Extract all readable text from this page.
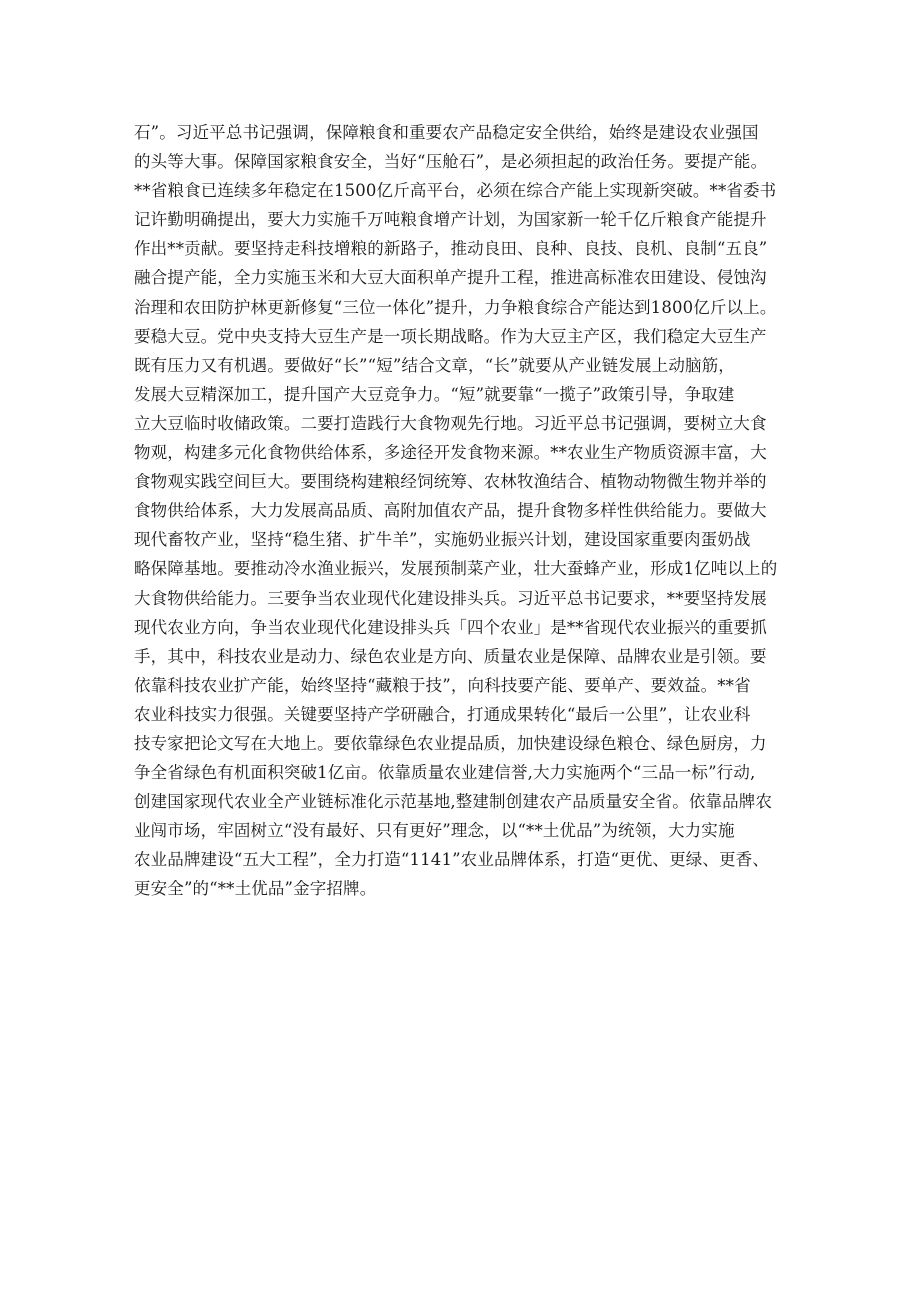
石”。习近平总书记强调，保障粮食和重要农产品稳定安全供给，始终是建设农业强国
的头等大事。保障国家粮食安全，当好“压舱石”，是必须担起的政治任务。要提产能。
**省粮食已连续多年稳定在1500亿斤高平台，必须在综合产能上实现新突破。**省委书
记许勤明确提出，要大力实施千万吨粮食增产计划，为国家新一轮千亿斤粮食产能提升
作出**贡献。要坚持走科技增粮的新路子，推动良田、良种、良技、良机、良制“五良”
融合提产能，全力实施玉米和大豆大面积单产提升工程，推进高标准农田建设、侵蚀沟
治理和农田防护林更新修复“三位一体化”提升，力争粮食综合产能达到1800亿斤以上。
要稳大豆。党中央支持大豆生产是一项长期战略。作为大豆主产区，我们稳定大豆生产
既有压力又有机遇。要做好“长”“短”结合文章，“长”就要从产业链发展上动脑筋，
发展大豆精深加工，提升国产大豆竞争力。“短”就要靠“一揽子”政策引导，争取建
立大豆临时收储政策。二要打造践行大食物观先行地。习近平总书记强调，要树立大食
物观，构建多元化食物供给体系，多途径开发食物来源。**农业生产物质资源丰富，大
食物观实践空间巨大。要围绕构建粮经饲统筹、农林牧渔结合、植物动物微生物并举的
食物供给体系，大力发展高品质、高附加值农产品，提升食物多样性供给能力。要做大
现代畜牧产业，坚持“稳生猪、扩牛羊”，实施奶业振兴计划，建设国家重要肉蛋奶战
略保障基地。要推动冷水渔业振兴，发展预制菜产业，壮大蚕蜂产业，形成1亿吨以上的
大食物供给能力。三要争当农业现代化建设排头兵。习近平总书记要求，**要坚持发展
现代农业方向，争当农业现代化建设排头兵「四个农业」是**省现代农业振兴的重要抓
手，其中，科技农业是动力、绿色农业是方向、质量农业是保障、品牌农业是引领。要
依靠科技农业扩产能，始终坚持“藏粮于技”，向科技要产能、要单产、要效益。**省
农业科技实力很强。关键要坚持产学研融合，打通成果转化“最后一公里”，让农业科
技专家把论文写在大地上。要依靠绿色农业提品质，加快建设绿色粮仓、绿色厨房，力
争全省绿色有机面积突破1亿亩。依靠质量农业建信誉,大力实施两个“三品一标”行动,
创建国家现代农业全产业链标准化示范基地,整建制创建农产品质量安全省。依靠品牌农
业闯市场，牢固树立“没有最好、只有更好”理念，以“**土优品”为统领，大力实施
农业品牌建设“五大工程”，全力打造“1141”农业品牌体系，打造“更优、更绿、更香、
更安全”的“**土优品”金字招牌。
